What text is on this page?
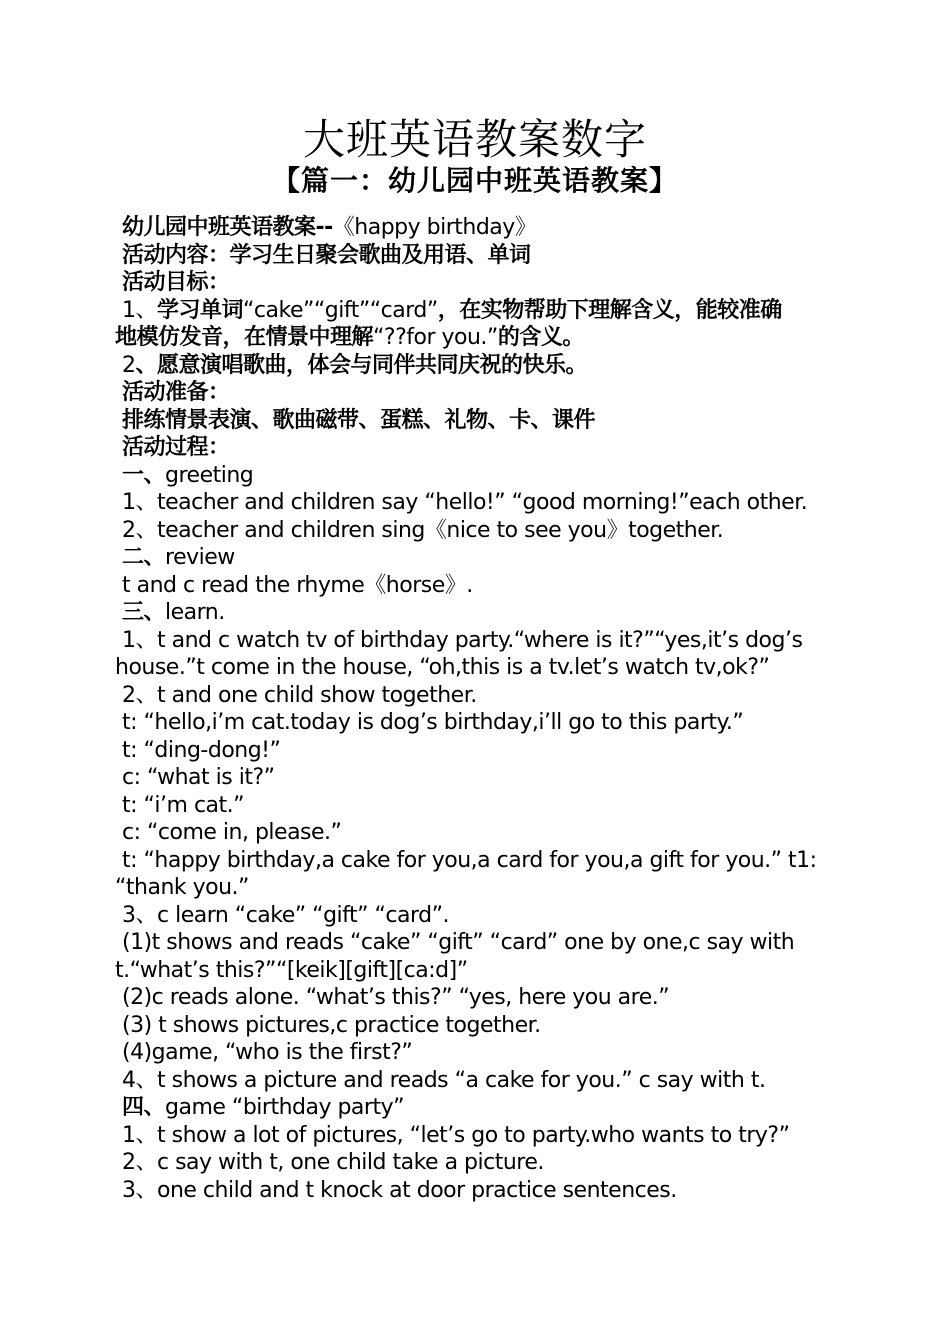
大班英语教案数字
【篇一：幼儿园中班英语教案】

幼儿园中班英语教案--《happy birthday》

活动内容：学习生日聚会歌曲及用语、单词

活动目标：

1、学习单词“cake”“gift”“card”，在实物帮助下理解含义，能较准确

地模仿发音，在情景中理解“??for you.”的含义。

2、愿意演唱歌曲，体会与同伴共同庆祝的快乐。

活动准备：

排练情景表演、歌曲磁带、蛋糕、礼物、卡、课件

活动过程：

一、greeting

1、teacher and children say “hello!” “good morning!”each other.

2、teacher and children sing《nice to see you》together.

二、review

t and c read the rhyme《horse》.

三、learn.

1、t and c watch tv of birthday party.“where is it?”“yes,it’s dog’s

house.”t come in the house, “oh,this is a tv.let’s watch tv,ok?”

2、t and one child show together.

t: “hello,i’m cat.today is dog’s birthday,i’ll go to this party.”

t: “ding-dong!”

c: “what is it?”

t: “i’m cat.”

c: “come in, please.”

t: “happy birthday,a cake for you,a card for you,a gift for you.” t1:

“thank you.”

3、c learn “cake” “gift” “card”.

(1)t shows and reads “cake” “gift” “card” one by one,c say with

t.“what’s this?”“[keik][gift][ca:d]”

(2)c reads alone. “what’s this?” “yes, here you are.”

(3) t shows pictures,c practice together.

(4)game, “who is the first?”

4、t shows a picture and reads “a cake for you.” c say with t.

四、game “birthday party”

1、t show a lot of pictures, “let’s go to party.who wants to try?”

2、c say with t, one child take a picture.

3、one child and t knock at door practice sentences.
